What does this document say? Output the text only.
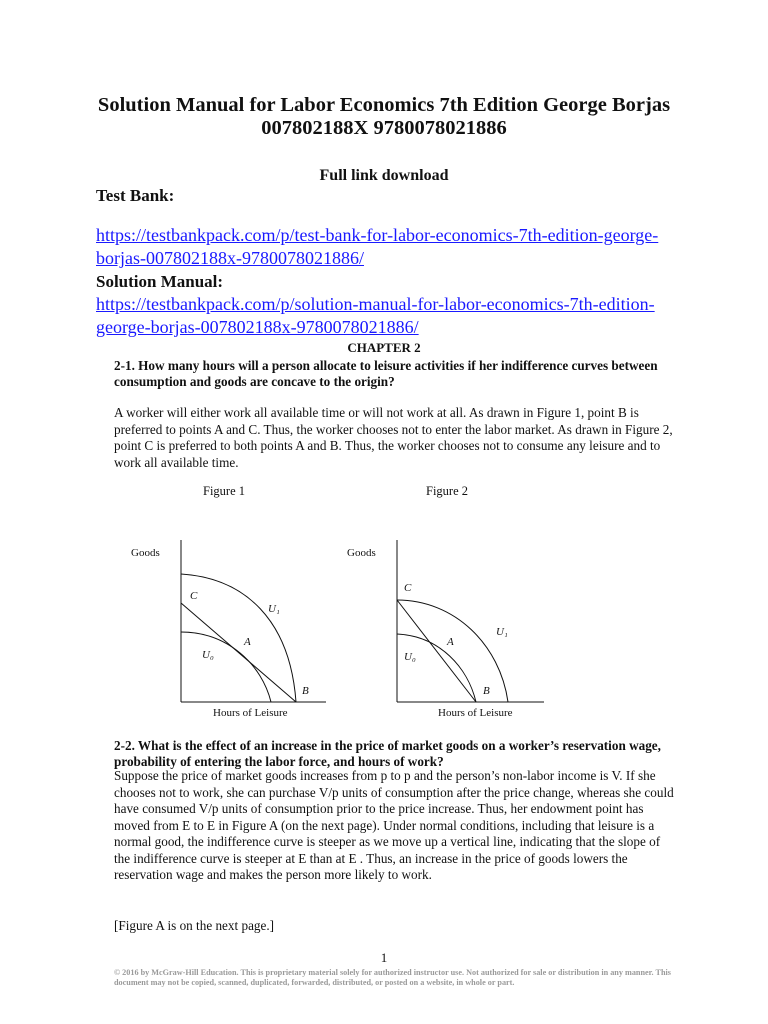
Solution Manual for Labor Economics 7th Edition George Borjas 007802188X 9780078021886
Full link download
Test Bank:
https://testbankpack.com/p/test-bank-for-labor-economics-7th-edition-george-borjas-007802188x-9780078021886/
Solution Manual:
https://testbankpack.com/p/solution-manual-for-labor-economics-7th-edition-george-borjas-007802188x-9780078021886/
CHAPTER 2
2-1. How many hours will a person allocate to leisure activities if her indifference curves between consumption and goods are concave to the origin?
A worker will either work all available time or will not work at all. As drawn in Figure 1, point B is preferred to points A and C. Thus, the worker chooses not to enter the labor market. As drawn in Figure 2, point C is preferred to both points A and B. Thus, the worker chooses not to consume any leisure and to work all available time.
Figure 1	Figure 2
Goods
Hours of Leisure
C
U₁
A
U₀
B
Goods
Hours of Leisure
C
U₁
A
U₀
B
2-2. What is the effect of an increase in the price of market goods on a worker’s reservation wage, probability of entering the labor force, and hours of work?
Suppose the price of market goods increases from p to p and the person’s non-labor income is V. If she chooses not to work, she can purchase V/p units of consumption after the price change, whereas she could have consumed V/p units of consumption prior to the price increase. Thus, her endowment point has moved from E to E in Figure A (on the next page). Under normal conditions, including that leisure is a normal good, the indifference curve is steeper as we move up a vertical line, indicating that the slope of the indifference curve is steeper at E than at E . Thus, an increase in the price of goods lowers the reservation wage and makes the person more likely to work.
[Figure A is on the next page.]
1
© 2016 by McGraw-Hill Education. This is proprietary material solely for authorized instructor use. Not authorized for sale or distribution in any manner. This document may not be copied, scanned, duplicated, forwarded, distributed, or posted on a website, in whole or part.
